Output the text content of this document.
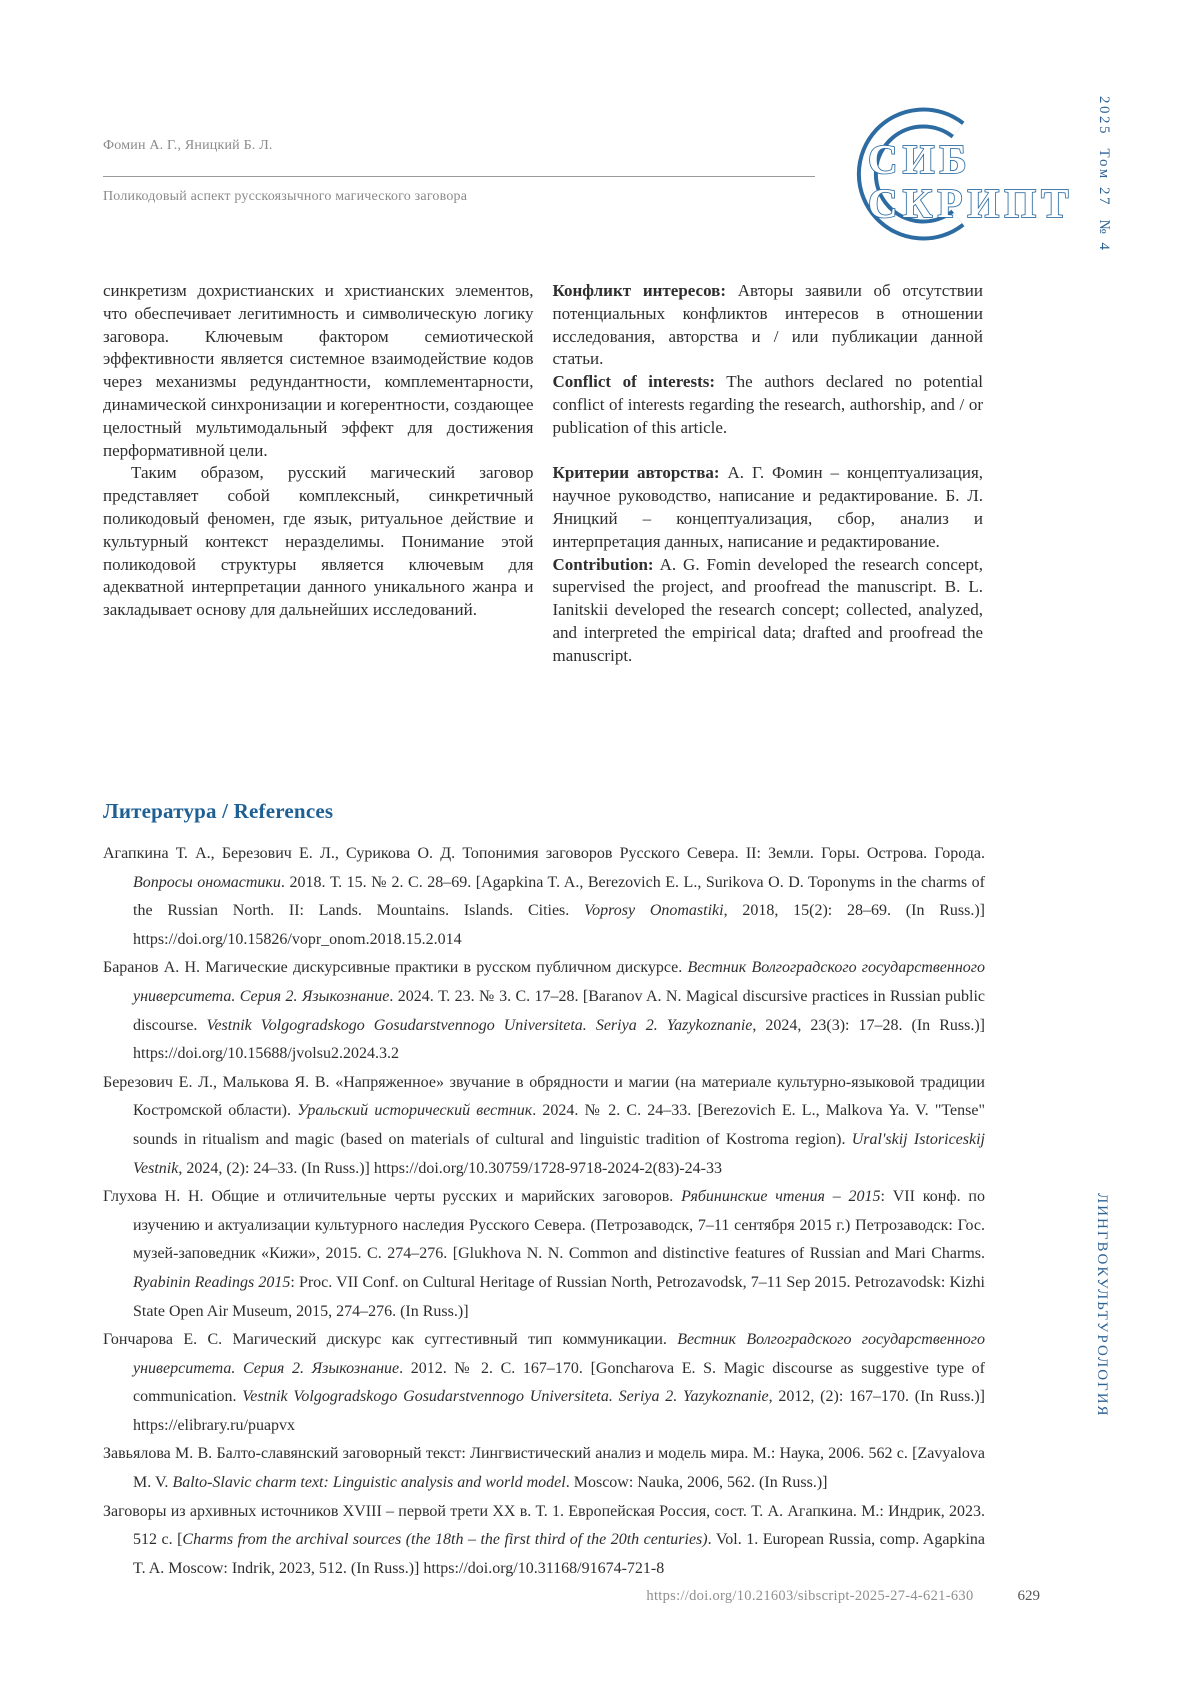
Фомин А. Г., Яницкий Б. Л.
Поликодовый аспект русскоязычного магического заговора
СИБ
СКРИПТ 2025  Том 27  № 4

синкретизм дохристианских и христианских элементов, что обеспечивает легитимность и символическую логику заговора. Ключевым фактором семиотической эффективности является системное взаимодействие кодов через механизмы редундантности, комплементарности, динамической синхронизации и когерентности, создающее целостный мультимодальный эффект для достижения перформативной цели.

Таким образом, русский магический заговор представляет собой комплексный, синкретичный поликодовый феномен, где язык, ритуальное действие и культурный контекст неразделимы. Понимание этой поликодовой структуры является ключевым для адекватной интерпретации данного уникального жанра и закладывает основу для дальнейших исследований.

Конфликт интересов: Авторы заявили об отсутствии потенциальных конфликтов интересов в отношении исследования, авторства и / или публикации данной статьи.

Conflict of interests: The authors declared no potential conflict of interests regarding the research, authorship, and / or publication of this article.

Критерии авторства: А. Г. Фомин – концептуализация, научное руководство, написание и редактирование. Б. Л. Яницкий – концептуализация, сбор, анализ и интерпретация данных, написание и редактирование.

Contribution: A. G. Fomin developed the research concept, supervised the project, and proofread the manuscript. B. L. Ianitskii developed the research concept; collected, analyzed, and interpreted the empirical data; drafted and proofread the manuscript.

Литература / References
Агапкина Т. А., Березович Е. Л., Сурикова О. Д. Топонимия заговоров Русского Севера. II: Земли. Горы. Острова. Города. Вопросы ономастики. 2018. Т. 15. № 2. С. 28–69. [Agapkina T. A., Berezovich E. L., Surikova O. D. Toponyms in the charms of the Russian North. II: Lands. Mountains. Islands. Cities. Voprosy Onomastiki, 2018, 15(2): 28–69. (In Russ.)] https://doi.org/10.15826/vopr_onom.2018.15.2.014
Баранов А. Н. Магические дискурсивные практики в русском публичном дискурсе. Вестник Волгоградского государственного университета. Серия 2. Языкознание. 2024. Т. 23. № 3. С. 17–28. [Baranov A. N. Magical discursive practices in Russian public discourse. Vestnik Volgogradskogo Gosudarstvennogo Universiteta. Seriya 2. Yazykoznanie, 2024, 23(3): 17–28. (In Russ.)] https://doi.org/10.15688/jvolsu2.2024.3.2
Березович Е. Л., Малькова Я. В. «Напряженное» звучание в обрядности и магии (на материале культурно-языковой традиции Костромской области). Уральский исторический вестник. 2024. № 2. С. 24–33. [Berezovich E. L., Malkova Ya. V. "Tense" sounds in ritualism and magic (based on materials of cultural and linguistic tradition of Kostroma region). Ural'skij Istoriceskij Vestnik, 2024, (2): 24–33. (In Russ.)] https://doi.org/10.30759/1728-9718-2024-2(83)-24-33
Глухова Н. Н. Общие и отличительные черты русских и марийских заговоров. Рябининские чтения – 2015: VII конф. по изучению и актуализации культурного наследия Русского Севера. (Петрозаводск, 7–11 сентября 2015 г.) Петрозаводск: Гос. музей-заповедник «Кижи», 2015. С. 274–276. [Glukhova N. N. Common and distinctive features of Russian and Mari Charms. Ryabinin Readings 2015: Proc. VII Conf. on Cultural Heritage of Russian North, Petrozavodsk, 7–11 Sep 2015. Petrozavodsk: Kizhi State Open Air Museum, 2015, 274–276. (In Russ.)]
Гончарова Е. С. Магический дискурс как суггестивный тип коммуникации. Вестник Волгоградского государственного университета. Серия 2. Языкознание. 2012. № 2. С. 167–170. [Goncharova E. S. Magic discourse as suggestive type of communication. Vestnik Volgogradskogo Gosudarstvennogo Universiteta. Seriya 2. Yazykoznanie, 2012, (2): 167–170. (In Russ.)] https://elibrary.ru/puapvx
Завьялова М. В. Балто-славянский заговорный текст: Лингвистический анализ и модель мира. М.: Наука, 2006. 562 с. [Zavyalova M. V. Balto-Slavic charm text: Linguistic analysis and world model. Moscow: Nauka, 2006, 562. (In Russ.)]
Заговоры из архивных источников XVIII – первой трети XX в. Т. 1. Европейская Россия, сост. Т. А. Агапкина. М.: Индрик, 2023. 512 с. [Charms from the archival sources (the 18th – the first third of the 20th centuries). Vol. 1. European Russia, comp. Agapkina T. A. Moscow: Indrik, 2023, 512. (In Russ.)] https://doi.org/10.31168/91674-721-8
ЛИНГВОКУЛЬТУРОЛОГИЯ
https://doi.org/10.21603/sibscript-2025-27-4-621-630	629
